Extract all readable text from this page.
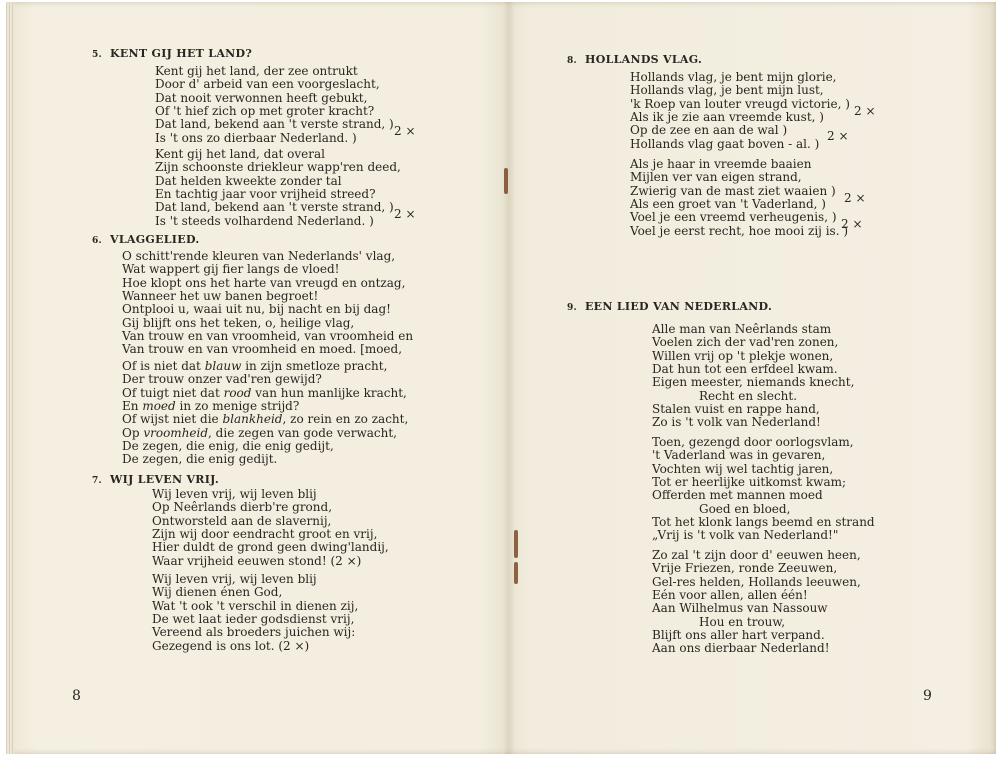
5. KENT GIJ HET LAND?
Kent gij het land, der zee ontrukt
Door d' arbeid van een voorgeslacht,
Dat nooit verwonnen heeft gebukt,
Of 't hief zich op met groter kracht?
Dat land, bekend aan 't verste strand, )
Is 't ons zo dierbaar Nederland. )
Kent gij het land, dat overal
Zijn schoonste driekleur wapp'ren deed,
Dat helden kweekte zonder tal
En tachtig jaar voor vrijheid streed?
Dat land, bekend aan 't verste strand, )
Is 't steeds volhardend Nederland. )
2 ×
2 ×
6. VLAGGELIED.
O schitt'rende kleuren van Nederlands' vlag,
Wat wappert gij fier langs de vloed!
Hoe klopt ons het harte van vreugd en ontzag,
Wanneer het uw banen begroet!
Ontplooi u, waai uit nu, bij nacht en bij dag!
Gij blijft ons het teken, o, heilige vlag,
Van trouw en van vroomheid, van vroomheid en
Van trouw en van vroomheid en moed. [moed,
Of is niet dat blauw in zijn smetloze pracht,
Der trouw onzer vad'ren gewijd?
Of tuigt niet dat rood van hun manlijke kracht,
En moed in zo menige strijd?
Of wijst niet die blankheid, zo rein en zo zacht,
Op vroomheid, die zegen van gode verwacht,
De zegen, die enig, die enig gedijt,
De zegen, die enig gedijt.
7. WIJ LEVEN VRIJ.
Wij leven vrij, wij leven blij
Op Neêrlands dierb're grond,
Ontworsteld aan de slavernij,
Zijn wij door eendracht groot en vrij,
Hier duldt de grond geen dwing'landij,
Waar vrijheid eeuwen stond! (2 ×)
Wij leven vrij, wij leven blij
Wij dienen énen God,
Wat 't ook 't verschil in dienen zij,
De wet laat ieder godsdienst vrij,
Vereend als broeders juichen wij:
Gezegend is ons lot. (2 ×)
8
8. HOLLANDS VLAG.
Hollands vlag, je bent mijn glorie,
Hollands vlag, je bent mijn lust,
'k Roep van louter vreugd victorie, )
Als ik je zie aan vreemde kust, )
Op de zee en aan de wal )
Hollands vlag gaat boven - al. )
Als je haar in vreemde baaien
Mijlen ver van eigen strand,
Zwierig van de mast ziet waaien )
Als een groet van 't Vaderland, )
Voel je een vreemd verheugenis, )
Voel je eerst recht, hoe mooi zij is. )
2 ×
2 ×
2 ×
2 ×
9. EEN LIED VAN NEDERLAND.
Alle man van Neêrlands stam
Voelen zich der vad'ren zonen,
Willen vrij op 't plekje wonen,
Dat hun tot een erfdeel kwam.
Eigen meester, niemands knecht,
Recht en slecht.
Stalen vuist en rappe hand,
Zo is 't volk van Nederland!
Toen, gezengd door oorlogsvlam,
't Vaderland was in gevaren,
Vochten wij wel tachtig jaren,
Tot er heerlijke uitkomst kwam;
Offerden met mannen moed
Goed en bloed,
Tot het klonk langs beemd en strand
„Vrij is 't volk van Nederland!"
Zo zal 't zijn door d' eeuwen heen,
Vrije Friezen, ronde Zeeuwen,
Gel-res helden, Hollands leeuwen,
Eén voor allen, allen één!
Aan Wilhelmus van Nassouw
Hou en trouw,
Blijft ons aller hart verpand.
Aan ons dierbaar Nederland!
9
